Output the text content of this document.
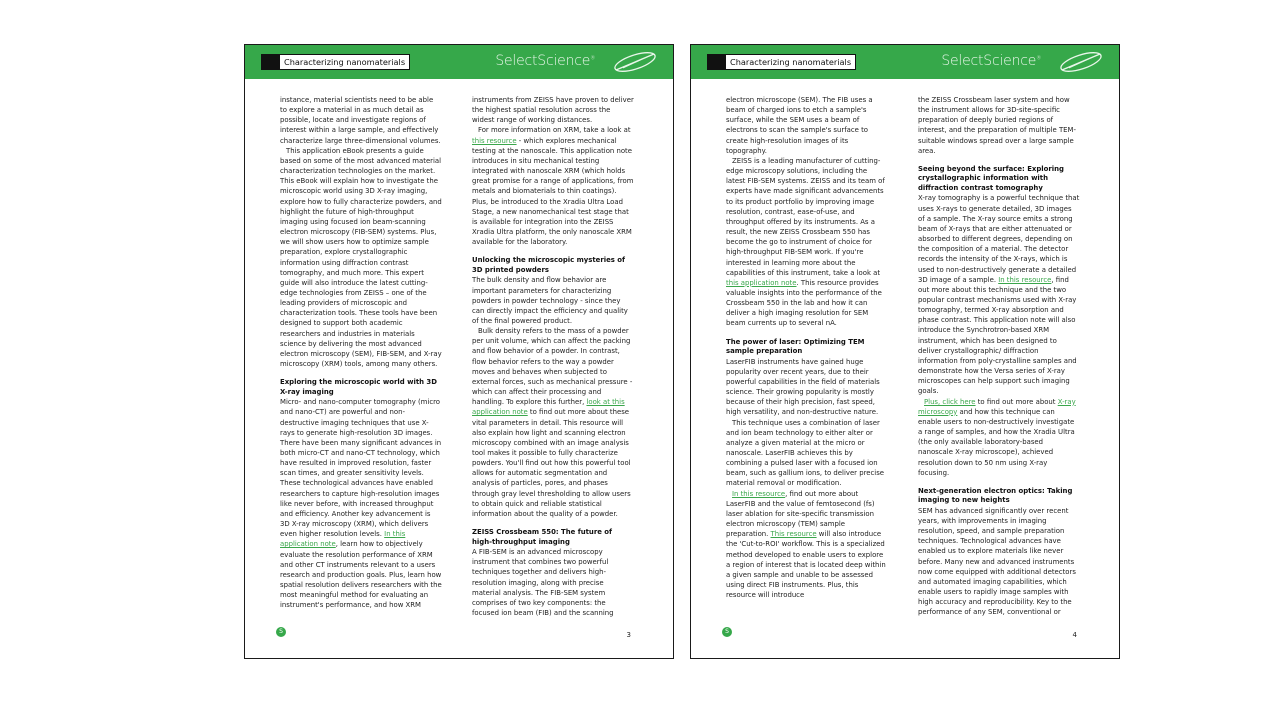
Characterizing nanomaterials	SelectScience®

instance, material scientists need to be able to explore a material in as much detail as possible, locate and investigate regions of interest within a large sample, and effectively characterize large three-dimensional volumes.

This application eBook presents a guide based on some of the most advanced material characterization technologies on the market. This eBook will explain how to investigate the microscopic world using 3D X-ray imaging, explore how to fully characterize powders, and highlight the future of high-throughput imaging using focused ion beam-scanning electron microscopy (FIB-SEM) systems. Plus, we will show users how to optimize sample preparation, explore crystallographic information using diffraction contrast tomography, and much more. This expert guide will also introduce the latest cutting-edge technologies from ZEISS – one of the leading providers of microscopic and characterization tools. These tools have been designed to support both academic researchers and industries in materials science by delivering the most advanced electron microscopy (SEM), FIB-SEM, and X-ray microscopy (XRM) tools, among many others.

Exploring the microscopic world with 3D X-ray imaging

Micro- and nano-computer tomography (micro and nano-CT) are powerful and non-destructive imaging techniques that use X-rays to generate high-resolution 3D images. There have been many significant advances in both micro-CT and nano-CT technology, which have resulted in improved resolution, faster scan times, and greater sensitivity levels. These technological advances have enabled researchers to capture high-resolution images like never before, with increased throughput and efficiency. Another key advancement is 3D X-ray microscopy (XRM), which delivers even higher resolution levels. In this application note, learn how to objectively evaluate the resolution performance of XRM and other CT instruments relevant to a users research and production goals. Plus, learn how spatial resolution delivers researchers with the most meaningful method for evaluating an instrument's performance, and how XRM

instruments from ZEISS have proven to deliver the highest spatial resolution across the widest range of working distances.

For more information on XRM, take a look at this resource - which explores mechanical testing at the nanoscale. This application note introduces in situ mechanical testing integrated with nanoscale XRM (which holds great promise for a range of applications, from metals and biomaterials to thin coatings). Plus, be introduced to the Xradia Ultra Load Stage, a new nanomechanical test stage that is available for integration into the ZEISS Xradia Ultra platform, the only nanoscale XRM available for the laboratory.

Unlocking the microscopic mysteries of 3D printed powders

The bulk density and flow behavior are important parameters for characterizing powders in powder technology - since they can directly impact the efficiency and quality of the final powered product.

Bulk density refers to the mass of a powder per unit volume, which can affect the packing and flow behavior of a powder. In contrast, flow behavior refers to the way a powder moves and behaves when subjected to external forces, such as mechanical pressure - which can affect their processing and handling. To explore this further, look at this application note to find out more about these vital parameters in detail. This resource will also explain how light and scanning electron microscopy combined with an image analysis tool makes it possible to fully characterize powders. You'll find out how this powerful tool allows for automatic segmentation and analysis of particles, pores, and phases through gray level thresholding to allow users to obtain quick and reliable statistical information about the quality of a powder.

ZEISS Crossbeam 550: The future of high-throughput imaging

A FIB-SEM is an advanced microscopy instrument that combines two powerful techniques together and delivers high-resolution imaging, along with precise material analysis. The FIB-SEM system comprises of two key components: the focused ion beam (FIB) and the scanning

S	3
Characterizing nanomaterials	SelectScience®

electron microscope (SEM). The FIB uses a beam of charged ions to etch a sample's surface, while the SEM uses a beam of electrons to scan the sample's surface to create high-resolution images of its topography.

ZEISS is a leading manufacturer of cutting-edge microscopy solutions, including the latest FIB-SEM systems. ZEISS and its team of experts have made significant advancements to its product portfolio by improving image resolution, contrast, ease-of-use, and throughput offered by its instruments. As a result, the new ZEISS Crossbeam 550 has become the go to instrument of choice for high-throughput FIB-SEM work. If you're interested in learning more about the capabilities of this instrument, take a look at this application note. This resource provides valuable insights into the performance of the Crossbeam 550 in the lab and how it can deliver a high imaging resolution for SEM beam currents up to several nA.

The power of laser: Optimizing TEM sample preparation

LaserFIB instruments have gained huge popularity over recent years, due to their powerful capabilities in the field of materials science. Their growing popularity is mostly because of their high precision, fast speed, high versatility, and non-destructive nature.

This technique uses a combination of laser and ion beam technology to either alter or analyze a given material at the micro or nanoscale. LaserFIB achieves this by combining a pulsed laser with a focused ion beam, such as gallium ions, to deliver precise material removal or modification.

In this resource, find out more about LaserFIB and the value of femtosecond (fs) laser ablation for site-specific transmission electron microscopy (TEM) sample preparation. This resource will also introduce the 'Cut-to-ROI' workflow. This is a specialized method developed to enable users to explore a region of interest that is located deep within a given sample and unable to be assessed using direct FIB instruments. Plus, this resource will introduce

the ZEISS Crossbeam laser system and how the instrument allows for 3D-site-specific preparation of deeply buried regions of interest, and the preparation of multiple TEM-suitable windows spread over a large sample area.

Seeing beyond the surface: Exploring crystallographic information with diffraction contrast tomography

X-ray tomography is a powerful technique that uses X-rays to generate detailed, 3D images of a sample. The X-ray source emits a strong beam of X-rays that are either attenuated or absorbed to different degrees, depending on the composition of a material. The detector records the intensity of the X-rays, which is used to non-destructively generate a detailed 3D image of a sample. In this resource, find out more about this technique and the two popular contrast mechanisms used with X-ray tomography, termed X-ray absorption and phase contrast. This application note will also introduce the Synchrotron-based XRM instrument, which has been designed to deliver crystallographic/ diffraction information from poly-crystalline samples and demonstrate how the Versa series of X-ray microscopes can help support such imaging goals.

Plus, click here to find out more about X-ray microscopy and how this technique can enable users to non-destructively investigate a range of samples, and how the Xradia Ultra (the only available laboratory-based nanoscale X-ray microscope), achieved resolution down to 50 nm using X-ray focusing.

Next-generation electron optics: Taking imaging to new heights

SEM has advanced significantly over recent years, with improvements in imaging resolution, speed, and sample preparation techniques. Technological advances have enabled us to explore materials like never before. Many new and advanced instruments now come equipped with additional detectors and automated imaging capabilities, which enable users to rapidly image samples with high accuracy and reproducibility. Key to the performance of any SEM, conventional or

S	4
